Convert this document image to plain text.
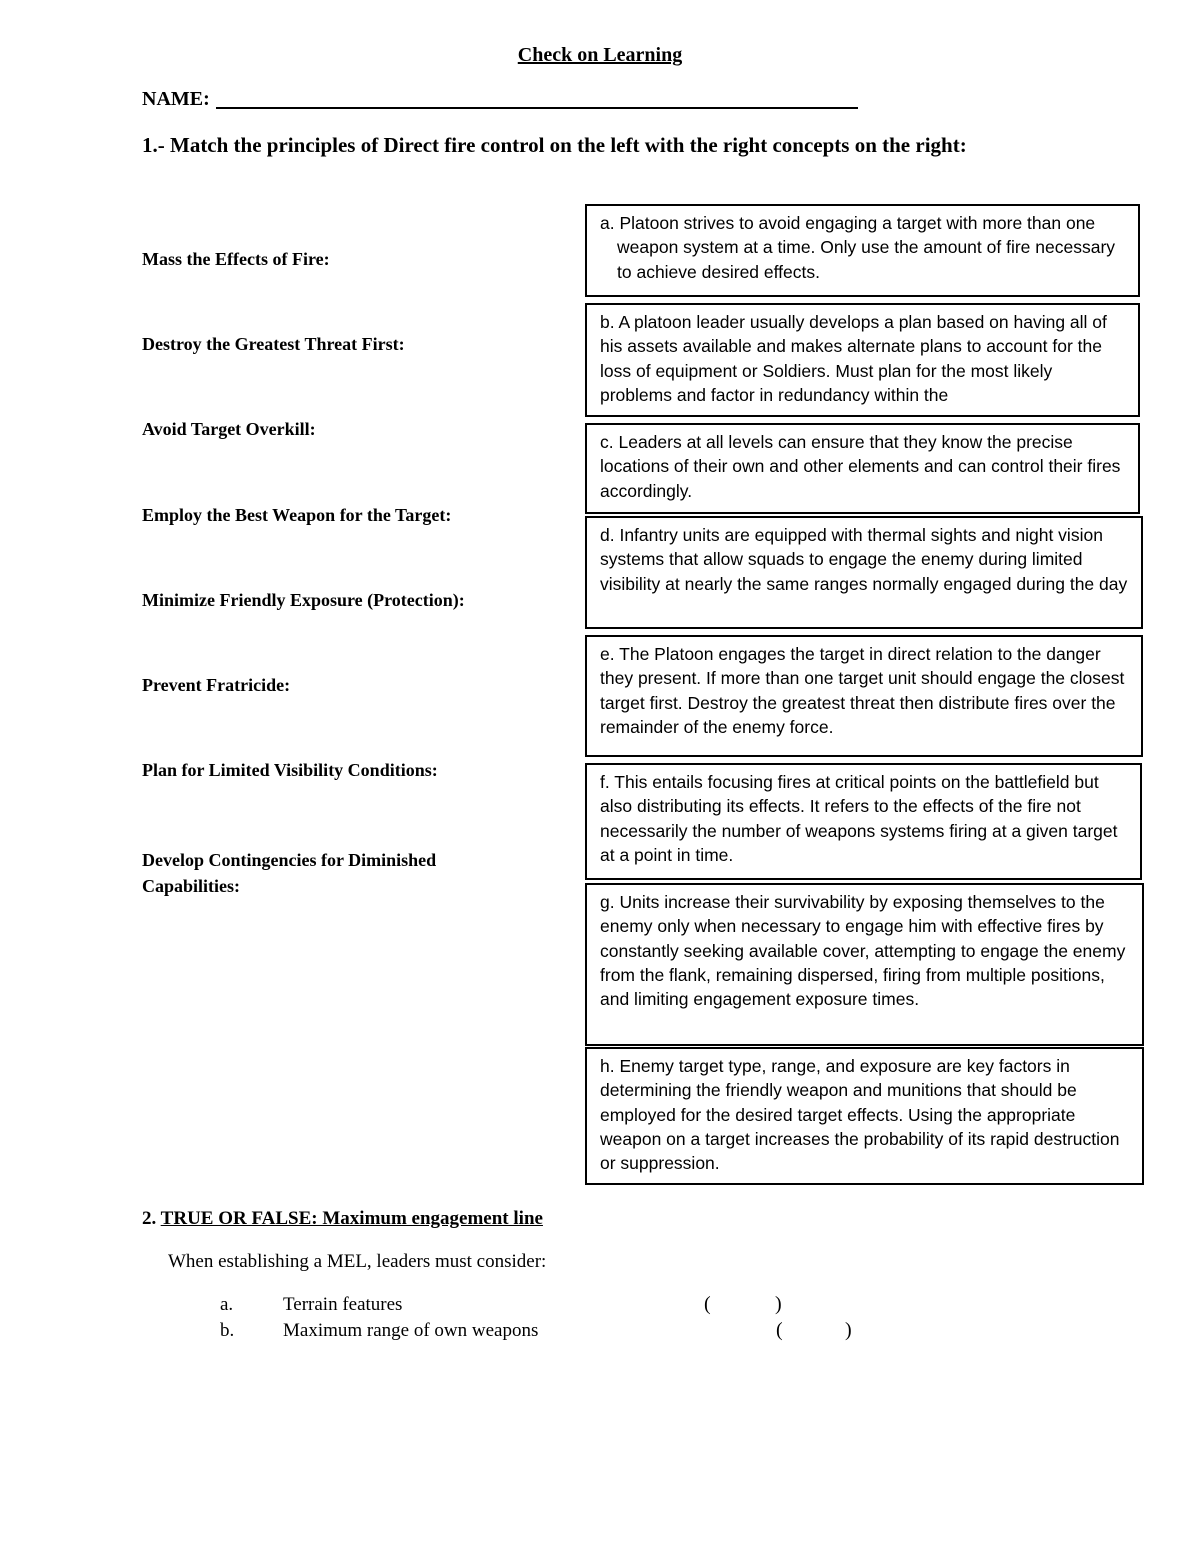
Check on Learning
NAME:
1.- Match the principles of Direct fire control on the left with the right concepts on the right:
Mass the Effects of Fire:
Destroy the Greatest Threat First:
Avoid Target Overkill:
Employ the Best Weapon for the Target:
Minimize Friendly Exposure (Protection):
Prevent Fratricide:
Plan for Limited Visibility Conditions:
Develop Contingencies for Diminished Capabilities:
a. Platoon strives to avoid engaging a target with more than one weapon system at a time. Only use the amount of fire necessary to achieve desired effects.
b. A platoon leader usually develops a plan based on having all of his assets available and makes alternate plans to account for the loss of equipment or Soldiers. Must plan for the most likely problems and factor in redundancy within the
c. Leaders at all levels can ensure that they know the precise locations of their own and other elements and can control their fires accordingly.
d. Infantry units are equipped with thermal sights and night vision systems that allow squads to engage the enemy during limited visibility at nearly the same ranges normally engaged during the day
e. The Platoon engages the target in direct relation to the danger they present. If more than one target unit should engage the closest target first. Destroy the greatest threat then distribute fires over the remainder of the enemy force.
f. This entails focusing fires at critical points on the battlefield but also distributing its effects. It refers to the effects of the fire not necessarily the number of weapons systems firing at a given target at a point in time.
g. Units increase their survivability by exposing themselves to the enemy only when necessary to engage him with effective fires by constantly seeking available cover, attempting to engage the enemy from the flank, remaining dispersed, firing from multiple positions, and limiting engagement exposure times.
h. Enemy target type, range, and exposure are key factors in determining the friendly weapon and munitions that should be employed for the desired target effects. Using the appropriate weapon on a target increases the probability of its rapid destruction or suppression.
2. TRUE OR FALSE: Maximum engagement line
When establishing a MEL, leaders must consider:
a.	Terrain features	(	)
b.	Maximum range of own weapons	(	)
